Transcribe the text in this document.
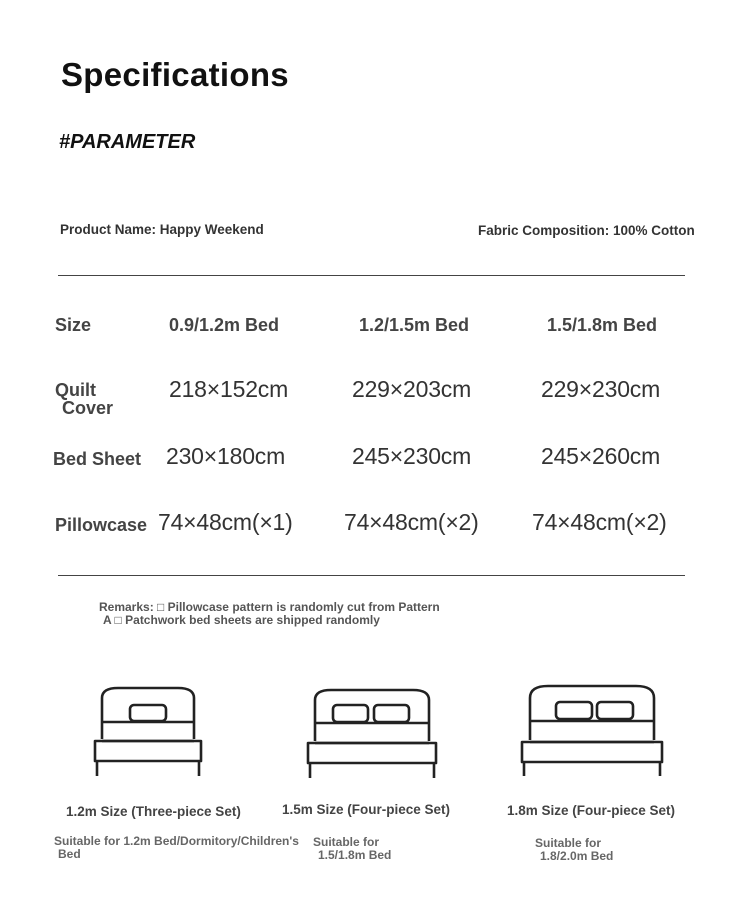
Specifications
#PARAMETER
Product Name: Happy Weekend	Fabric Composition: 100% Cotton
Size	0.9/1.2m Bed	1.2/1.5m Bed	1.5/1.8m Bed
Quilt
Cover
218×152cm	229×203cm	229×230cm
Bed Sheet 230×180cm	245×230cm	245×260cm
Pillowcase 74×48cm(×1) 74×48cm(×2) 74×48cm(×2)
Remarks: □ Pillowcase pattern is randomly cut from Pattern
A □ Patchwork bed sheets are shipped randomly
1.2m Size (Three-piece Set)
Suitable for 1.2m Bed/Dormitory/Children's
Bed
1.5m Size (Four-piece Set)
Suitable for
1.5/1.8m Bed
1.8m Size (Four-piece Set)
Suitable for
1.8/2.0m Bed
